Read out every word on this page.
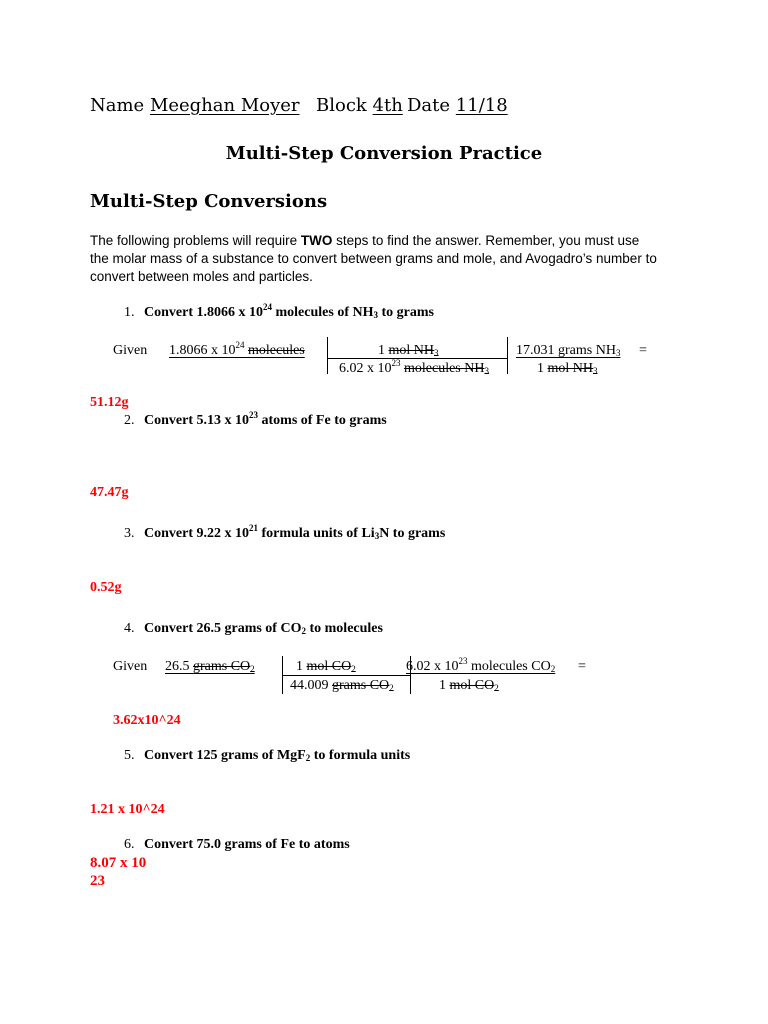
Name Meeghan Moyer Block 4th Date 11/18
Multi-Step Conversion Practice
Multi-Step Conversions
The following problems will require TWO steps to find the answer. Remember, you must use
the molar mass of a substance to convert between grams and mole, and Avogadro’s number to
convert between moles and particles.
1. Convert 1.8066 x $10^{24}$ molecules of $NH_3$ to grams
Given 1.8066 x $10^{24}$ molecules	1 mol $NH_3$
6.02 x $10^{23}$ molecules $NH_3$
17.031 grams $NH_3$ =
1 mol $NH_3$
51.12g
2. Convert 5.13 x $10^{23}$ atoms of Fe to grams
47.47g
3. Convert 9.22 x $10^{21}$ formula units of $Li_3N$ to grams
0.52g
4. Convert 26.5 grams of $CO_2$ to molecules
Given 26.5 grams $CO_2$	1 mol $CO_2$
44.009 grams $CO_2$
6.02 x $10^{23}$ molecules $CO_2$ =
1 mol $CO_2$
3.62x10^24
5. Convert 125 grams of MgF$_2$ to formula units
1.21 x 10^24
6. Convert 75.0 grams of Fe to atoms
8.07 x 10
23
